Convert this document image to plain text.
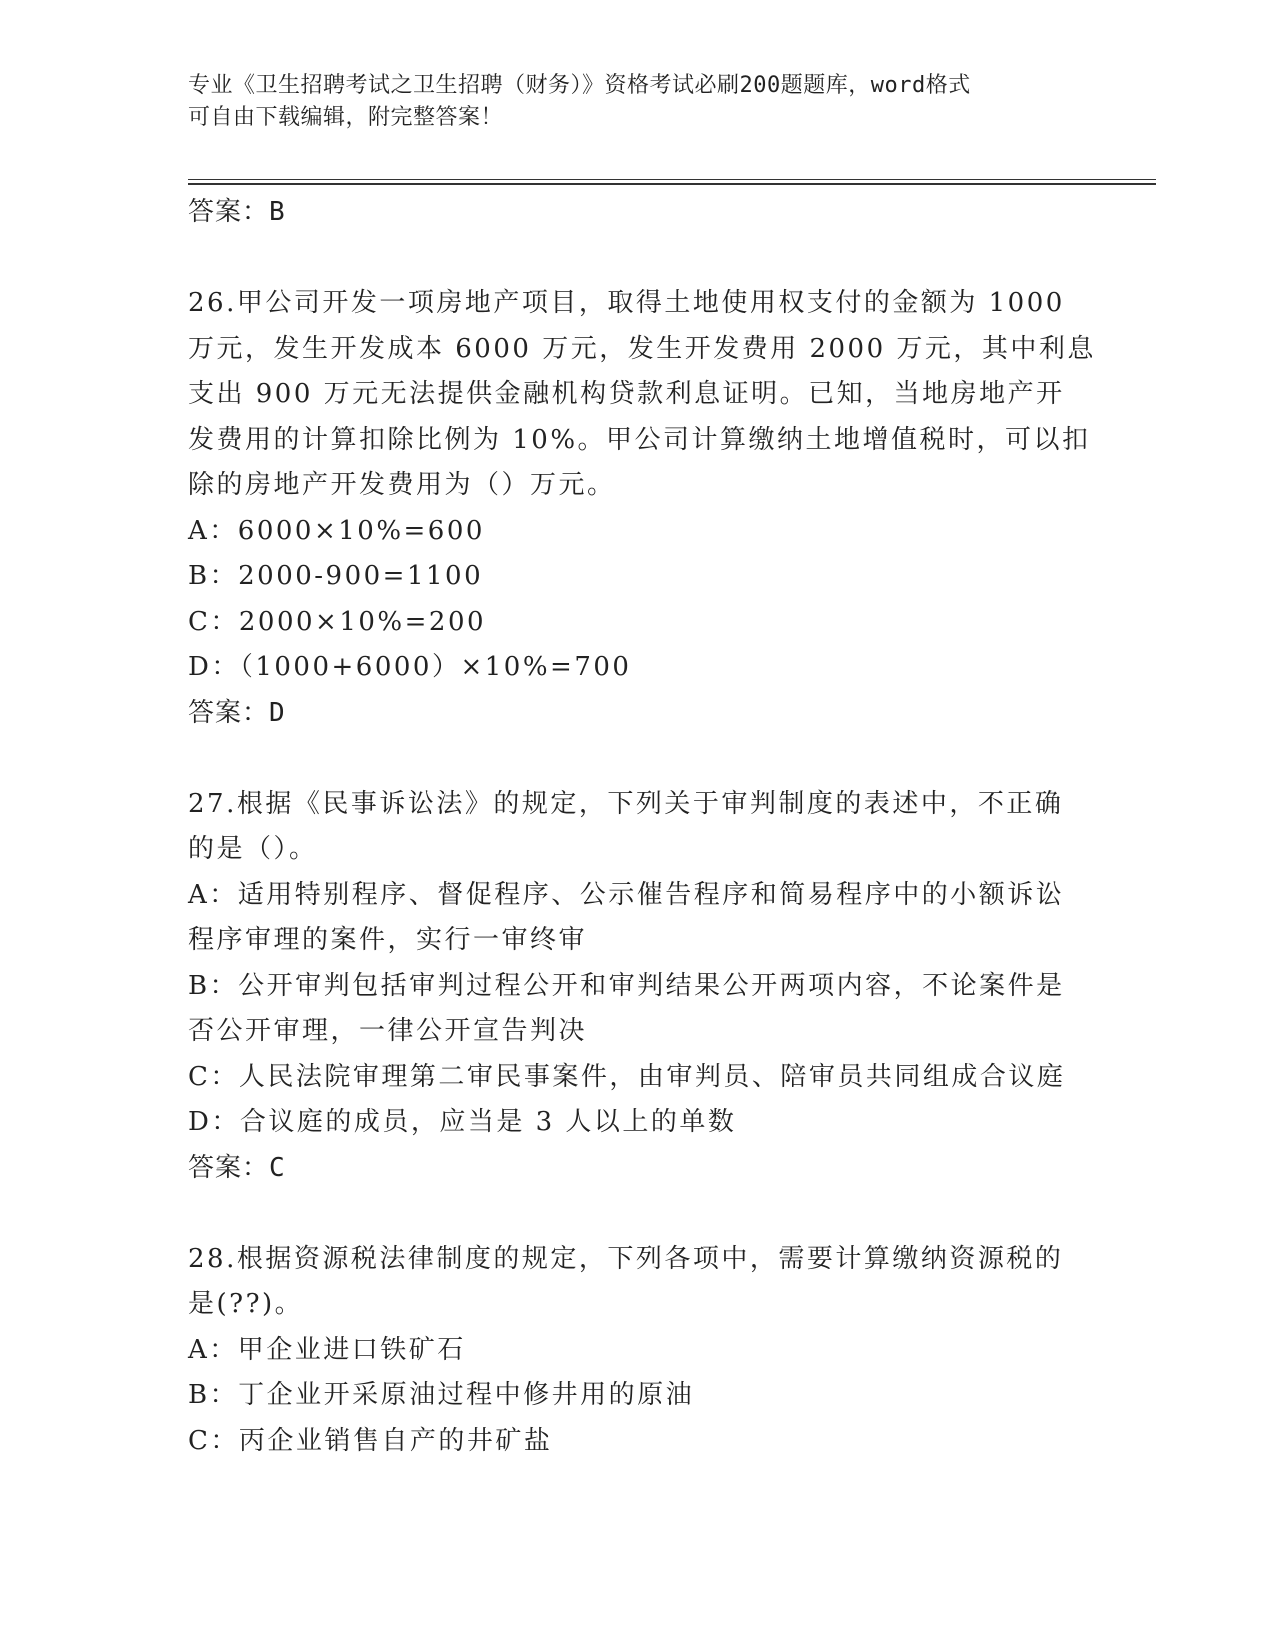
专业《卫生招聘考试之卫生招聘（财务）》资格考试必刷200题题库，word格式
可自由下载编辑，附完整答案！
答案：B
26.甲公司开发一项房地产项目，取得土地使用权支付的金额为 1000
万元，发生开发成本 6000 万元，发生开发费用 2000 万元，其中利息
支出 900 万元无法提供金融机构贷款利息证明。已知，当地房地产开
发费用的计算扣除比例为 10%。甲公司计算缴纳土地增值税时，可以扣
除的房地产开发费用为（）万元。
A：6000×10%=600
B：2000-900=1100
C：2000×10%=200
D：（1000+6000）×10%=700
答案：D
27.根据《民事诉讼法》的规定，下列关于审判制度的表述中，不正确
的是（）。
A：适用特别程序、督促程序、公示催告程序和简易程序中的小额诉讼
程序审理的案件，实行一审终审
B：公开审判包括审判过程公开和审判结果公开两项内容，不论案件是
否公开审理，一律公开宣告判决
C：人民法院审理第二审民事案件，由审判员、陪审员共同组成合议庭
D：合议庭的成员，应当是 3 人以上的单数
答案：C
28.根据资源税法律制度的规定，下列各项中，需要计算缴纳资源税的
是(??)。
A：甲企业进口铁矿石
B：丁企业开采原油过程中修井用的原油
C：丙企业销售自产的井矿盐
